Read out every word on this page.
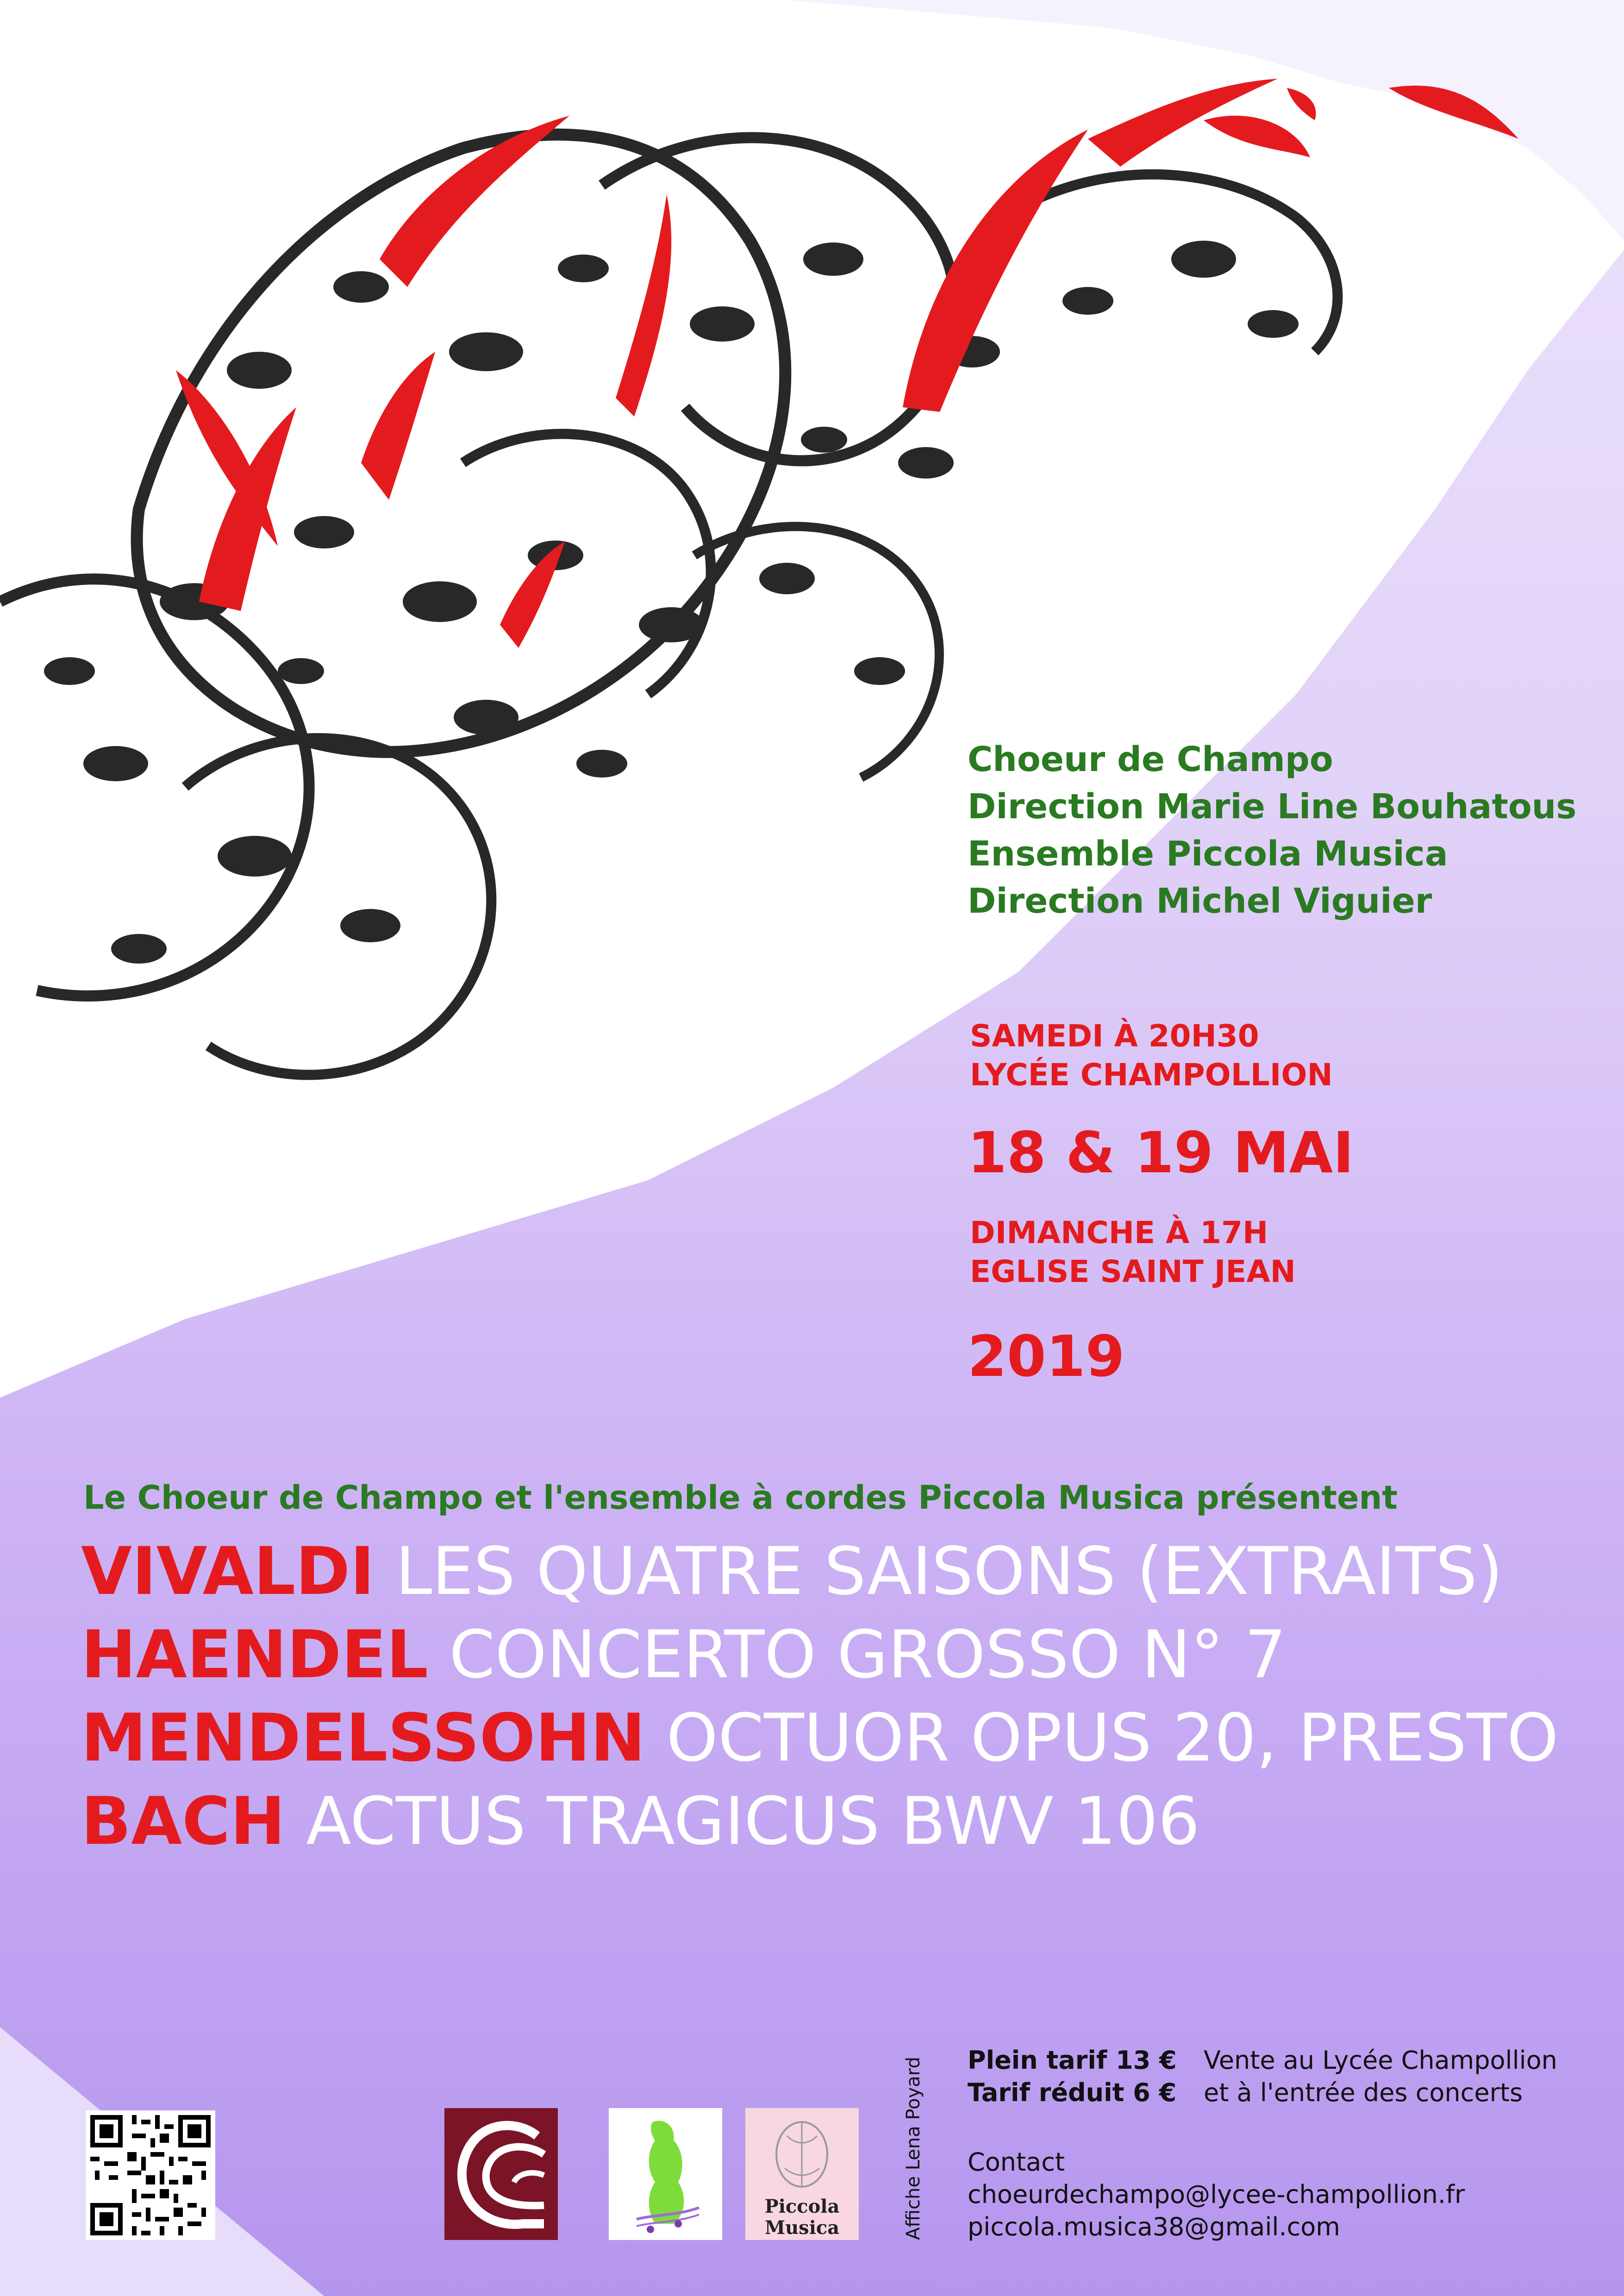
Choeur de Champo
Direction Marie Line Bouhatous
Ensemble Piccola Musica
Direction Michel Viguier
SAMEDI À 20H30
LYCÉE CHAMPOLLION
18 & 19 MAI
DIMANCHE À 17H
EGLISE SAINT JEAN
2019
Le Choeur de Champo et l'ensemble à cordes Piccola Musica présentent
VIVALDI LES QUATRE SAISONS (EXTRAITS)
HAENDEL CONCERTO GROSSO N° 7
MENDELSSOHN OCTUOR OPUS 20, PRESTO
BACH ACTUS TRAGICUS BWV 106
Piccola
Musica	Affiche Lena Poyard Plein tarif 13 €
Tarif réduit 6 €
Vente au Lycée Champollion
et à l'entrée des concerts
Contact
choeurdechampo@lycee-champollion.fr
piccola.musica38@gmail.com
